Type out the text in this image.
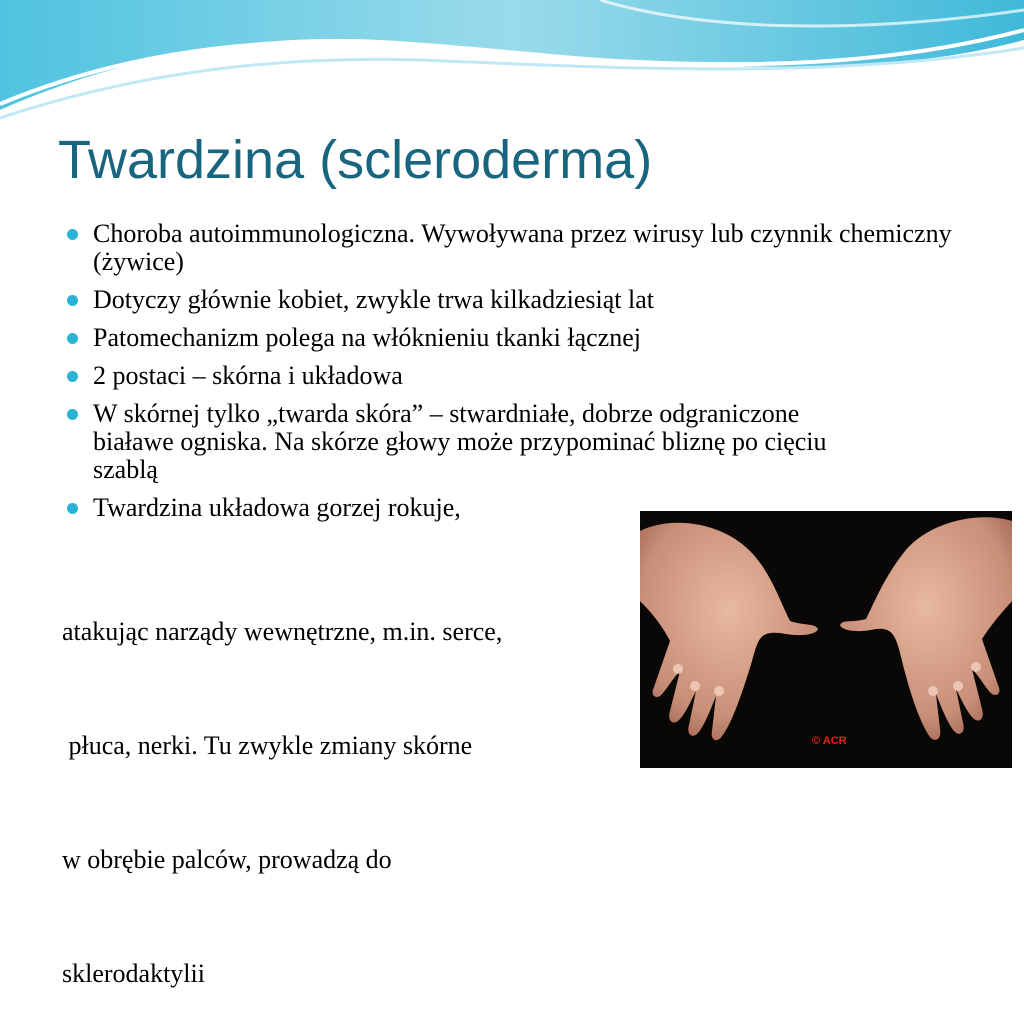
Twardzina (scleroderma)
Choroba autoimmunologiczna. Wywoływana przez wirusy lub czynnik chemiczny (żywice)
Dotyczy głównie kobiet, zwykle trwa kilkadziesiąt lat
Patomechanizm polega na włóknieniu tkanki łącznej
2 postaci – skórna i układowa
W skórnej tylko „twarda skóra” – stwardniałe, dobrze odgraniczone białawe ogniska. Na skórze głowy może przypominać bliznę po cięciu szablą
Twardzina układowa gorzej rokuje,

atakując narządy wewnętrzne, m.in. serce,

płuca, nerki. Tu zwykle zmiany skórne

w obrębie palców, prowadzą do

sklerodaktylii

© ACR
